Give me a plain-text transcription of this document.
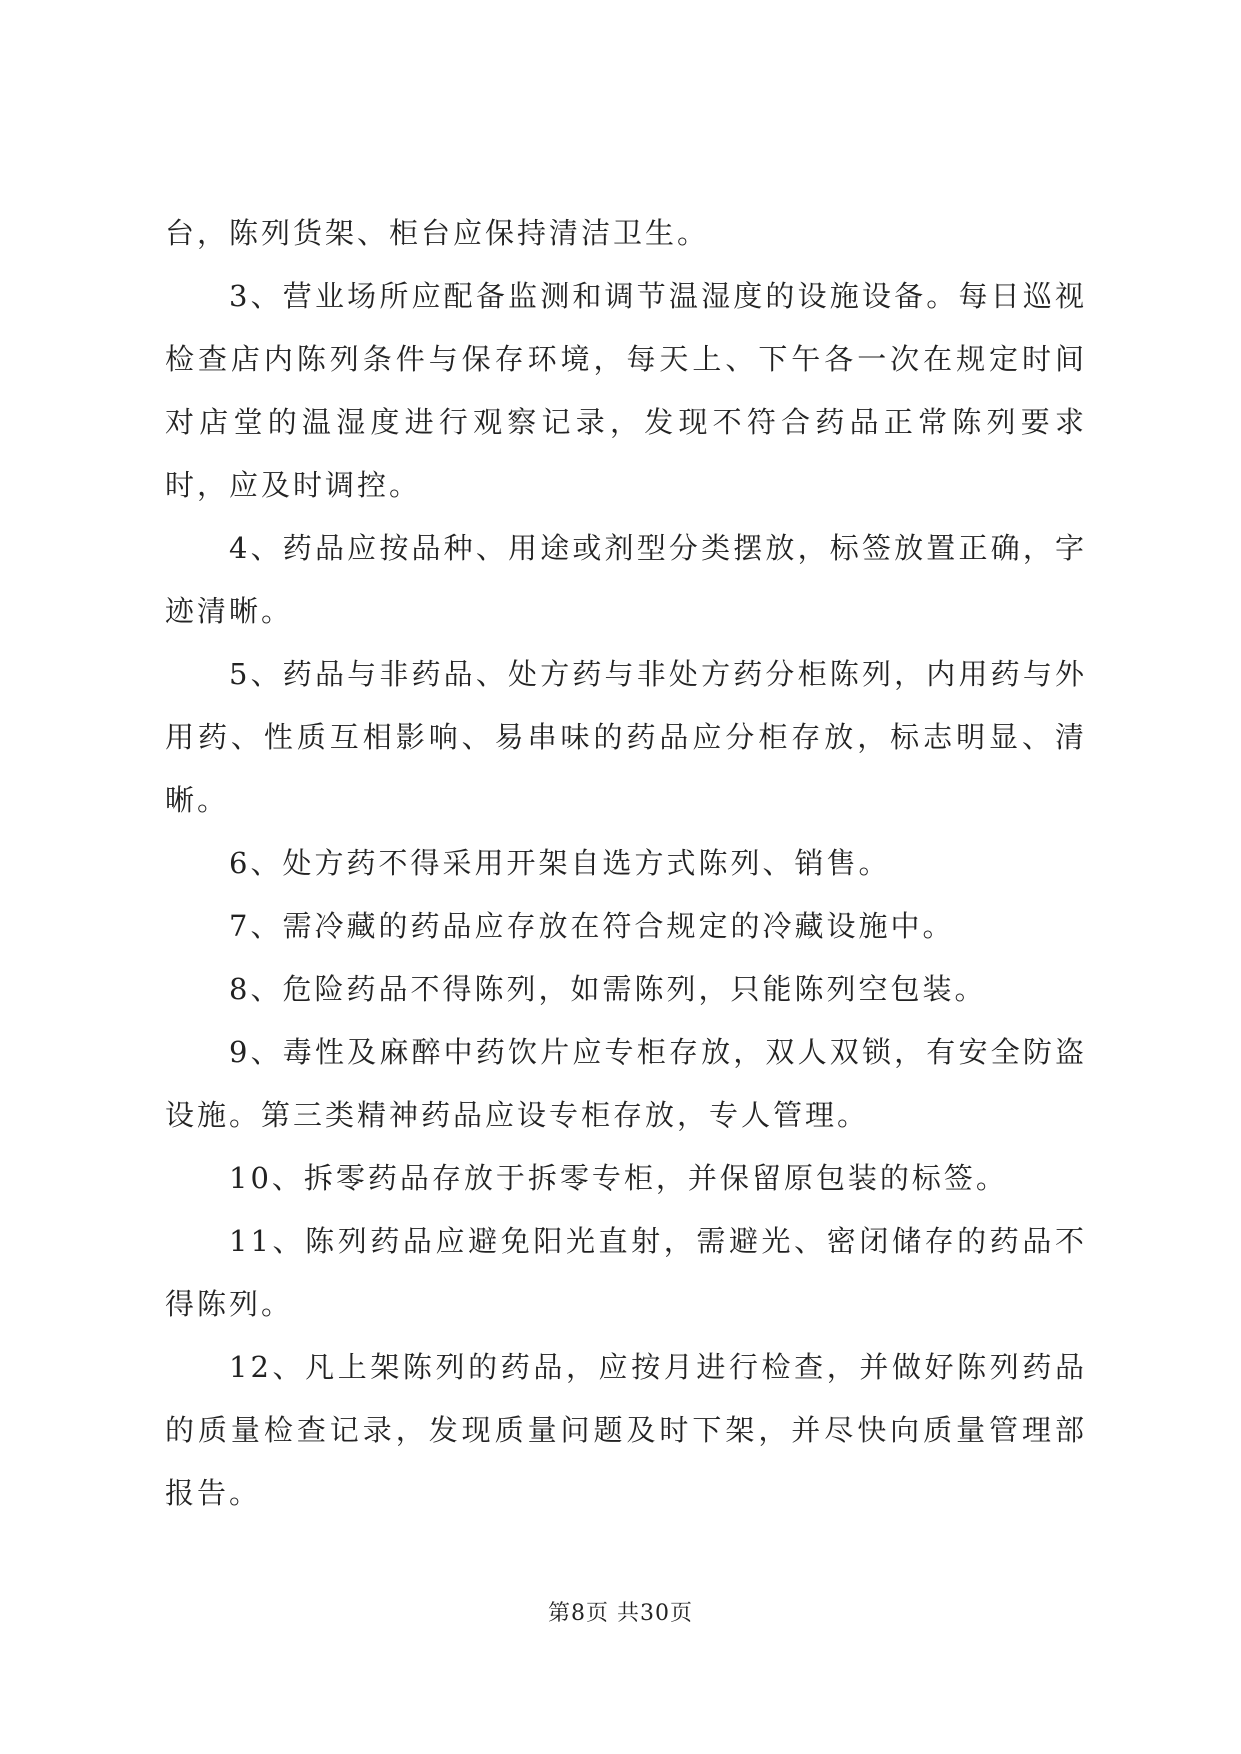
台，陈列货架、柜台应保持清洁卫生。

3、营业场所应配备监测和调节温湿度的设施设备。每日巡视检查店内陈列条件与保存环境，每天上、下午各一次在规定时间对店堂的温湿度进行观察记录，发现不符合药品正常陈列要求时，应及时调控。

4、药品应按品种、用途或剂型分类摆放，标签放置正确，字迹清晰。

5、药品与非药品、处方药与非处方药分柜陈列，内用药与外用药、性质互相影响、易串味的药品应分柜存放，标志明显、清晰。

6、处方药不得采用开架自选方式陈列、销售。

7、需冷藏的药品应存放在符合规定的冷藏设施中。

8、危险药品不得陈列，如需陈列，只能陈列空包装。

9、毒性及麻醉中药饮片应专柜存放，双人双锁，有安全防盗设施。第三类精神药品应设专柜存放，专人管理。

10、拆零药品存放于拆零专柜，并保留原包装的标签。

11、陈列药品应避免阳光直射，需避光、密闭储存的药品不得陈列。

12、凡上架陈列的药品，应按月进行检查，并做好陈列药品的质量检查记录，发现质量问题及时下架，并尽快向质量管理部报告。

第8页 共30页
